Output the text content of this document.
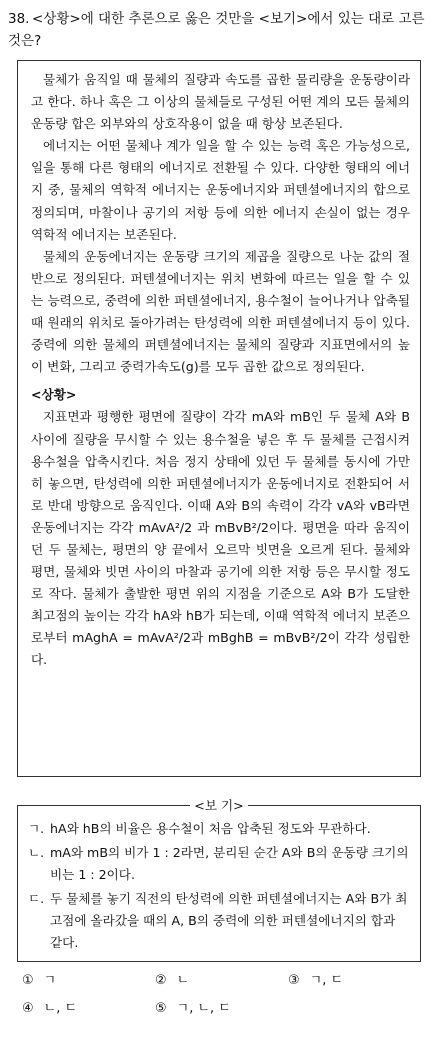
38. <상황>에 대한 추론으로 옳은 것만을 <보기>에서 있는 대로 고른 것은?

물체가 움직일 때 물체의 질량과 속도를 곱한 물리량을 운동량이라고 한다. 하나 혹은 그 이상의 물체들로 구성된 어떤 계의 모든 물체의 운동량 합은 외부와의 상호작용이 없을 때 항상 보존된다.

에너지는 어떤 물체나 계가 일을 할 수 있는 능력 혹은 가능성으로, 일을 통해 다른 형태의 에너지로 전환될 수 있다. 다양한 형태의 에너지 중, 물체의 역학적 에너지는 운동에너지와 퍼텐셜에너지의 합으로 정의되며, 마찰이나 공기의 저항 등에 의한 에너지 손실이 없는 경우 역학적 에너지는 보존된다.

물체의 운동에너지는 운동량 크기의 제곱을 질량으로 나눈 값의 절반으로 정의된다. 퍼텐셜에너지는 위치 변화에 따르는 일을 할 수 있는 능력으로, 중력에 의한 퍼텐셜에너지, 용수철이 늘어나거나 압축될 때 원래의 위치로 돌아가려는 탄성력에 의한 퍼텐셜에너지 등이 있다. 중력에 의한 물체의 퍼텐셜에너지는 물체의 질량과 지표면에서의 높이 변화, 그리고 중력가속도(g)를 모두 곱한 값으로 정의된다.

<상황>

지표면과 평행한 평면에 질량이 각각 mA와 mB인 두 물체 A와 B 사이에 질량을 무시할 수 있는 용수철을 넣은 후 두 물체를 근접시켜 용수철을 압축시킨다. 처음 정지 상태에 있던 두 물체를 동시에 가만히 놓으면, 탄성력에 의한 퍼텐셜에너지가 운동에너지로 전환되어 서로 반대 방향으로 움직인다. 이때 A와 B의 속력이 각각 vA와 vB라면 운동에너지는 각각 mAvA²/2 과 mBvB²/2이다. 평면을 따라 움직이던 두 물체는, 평면의 양 끝에서 오르막 빗면을 오르게 된다. 물체와 평면, 물체와 빗면 사이의 마찰과 공기에 의한 저항 등은 무시할 정도로 작다. 물체가 출발한 평면 위의 지점을 기준으로 A와 B가 도달한 최고점의 높이는 각각 hA와 hB가 되는데, 이때 역학적 에너지 보존으로부터 mAghA = mAvA²/2과 mBghB = mBvB²/2이 각각 성립한다.

<보 기>
ㄱ. hA와 hB의 비율은 용수철이 처음 압축된 정도와 무관하다.
ㄴ. mA와 mB의 비가 1 : 2라면, 분리된 순간 A와 B의 운동량 크기의 비는 1 : 2이다.
ㄷ. 두 물체를 놓기 직전의 탄성력에 의한 퍼텐셜에너지는 A와 B가 최고점에 올라갔을 때의 A, B의 중력에 의한 퍼텐셜에너지의 합과 같다.
① ㄱ	② ㄴ	③ ㄱ, ㄷ
④ ㄴ, ㄷ	⑤ ㄱ, ㄴ, ㄷ
